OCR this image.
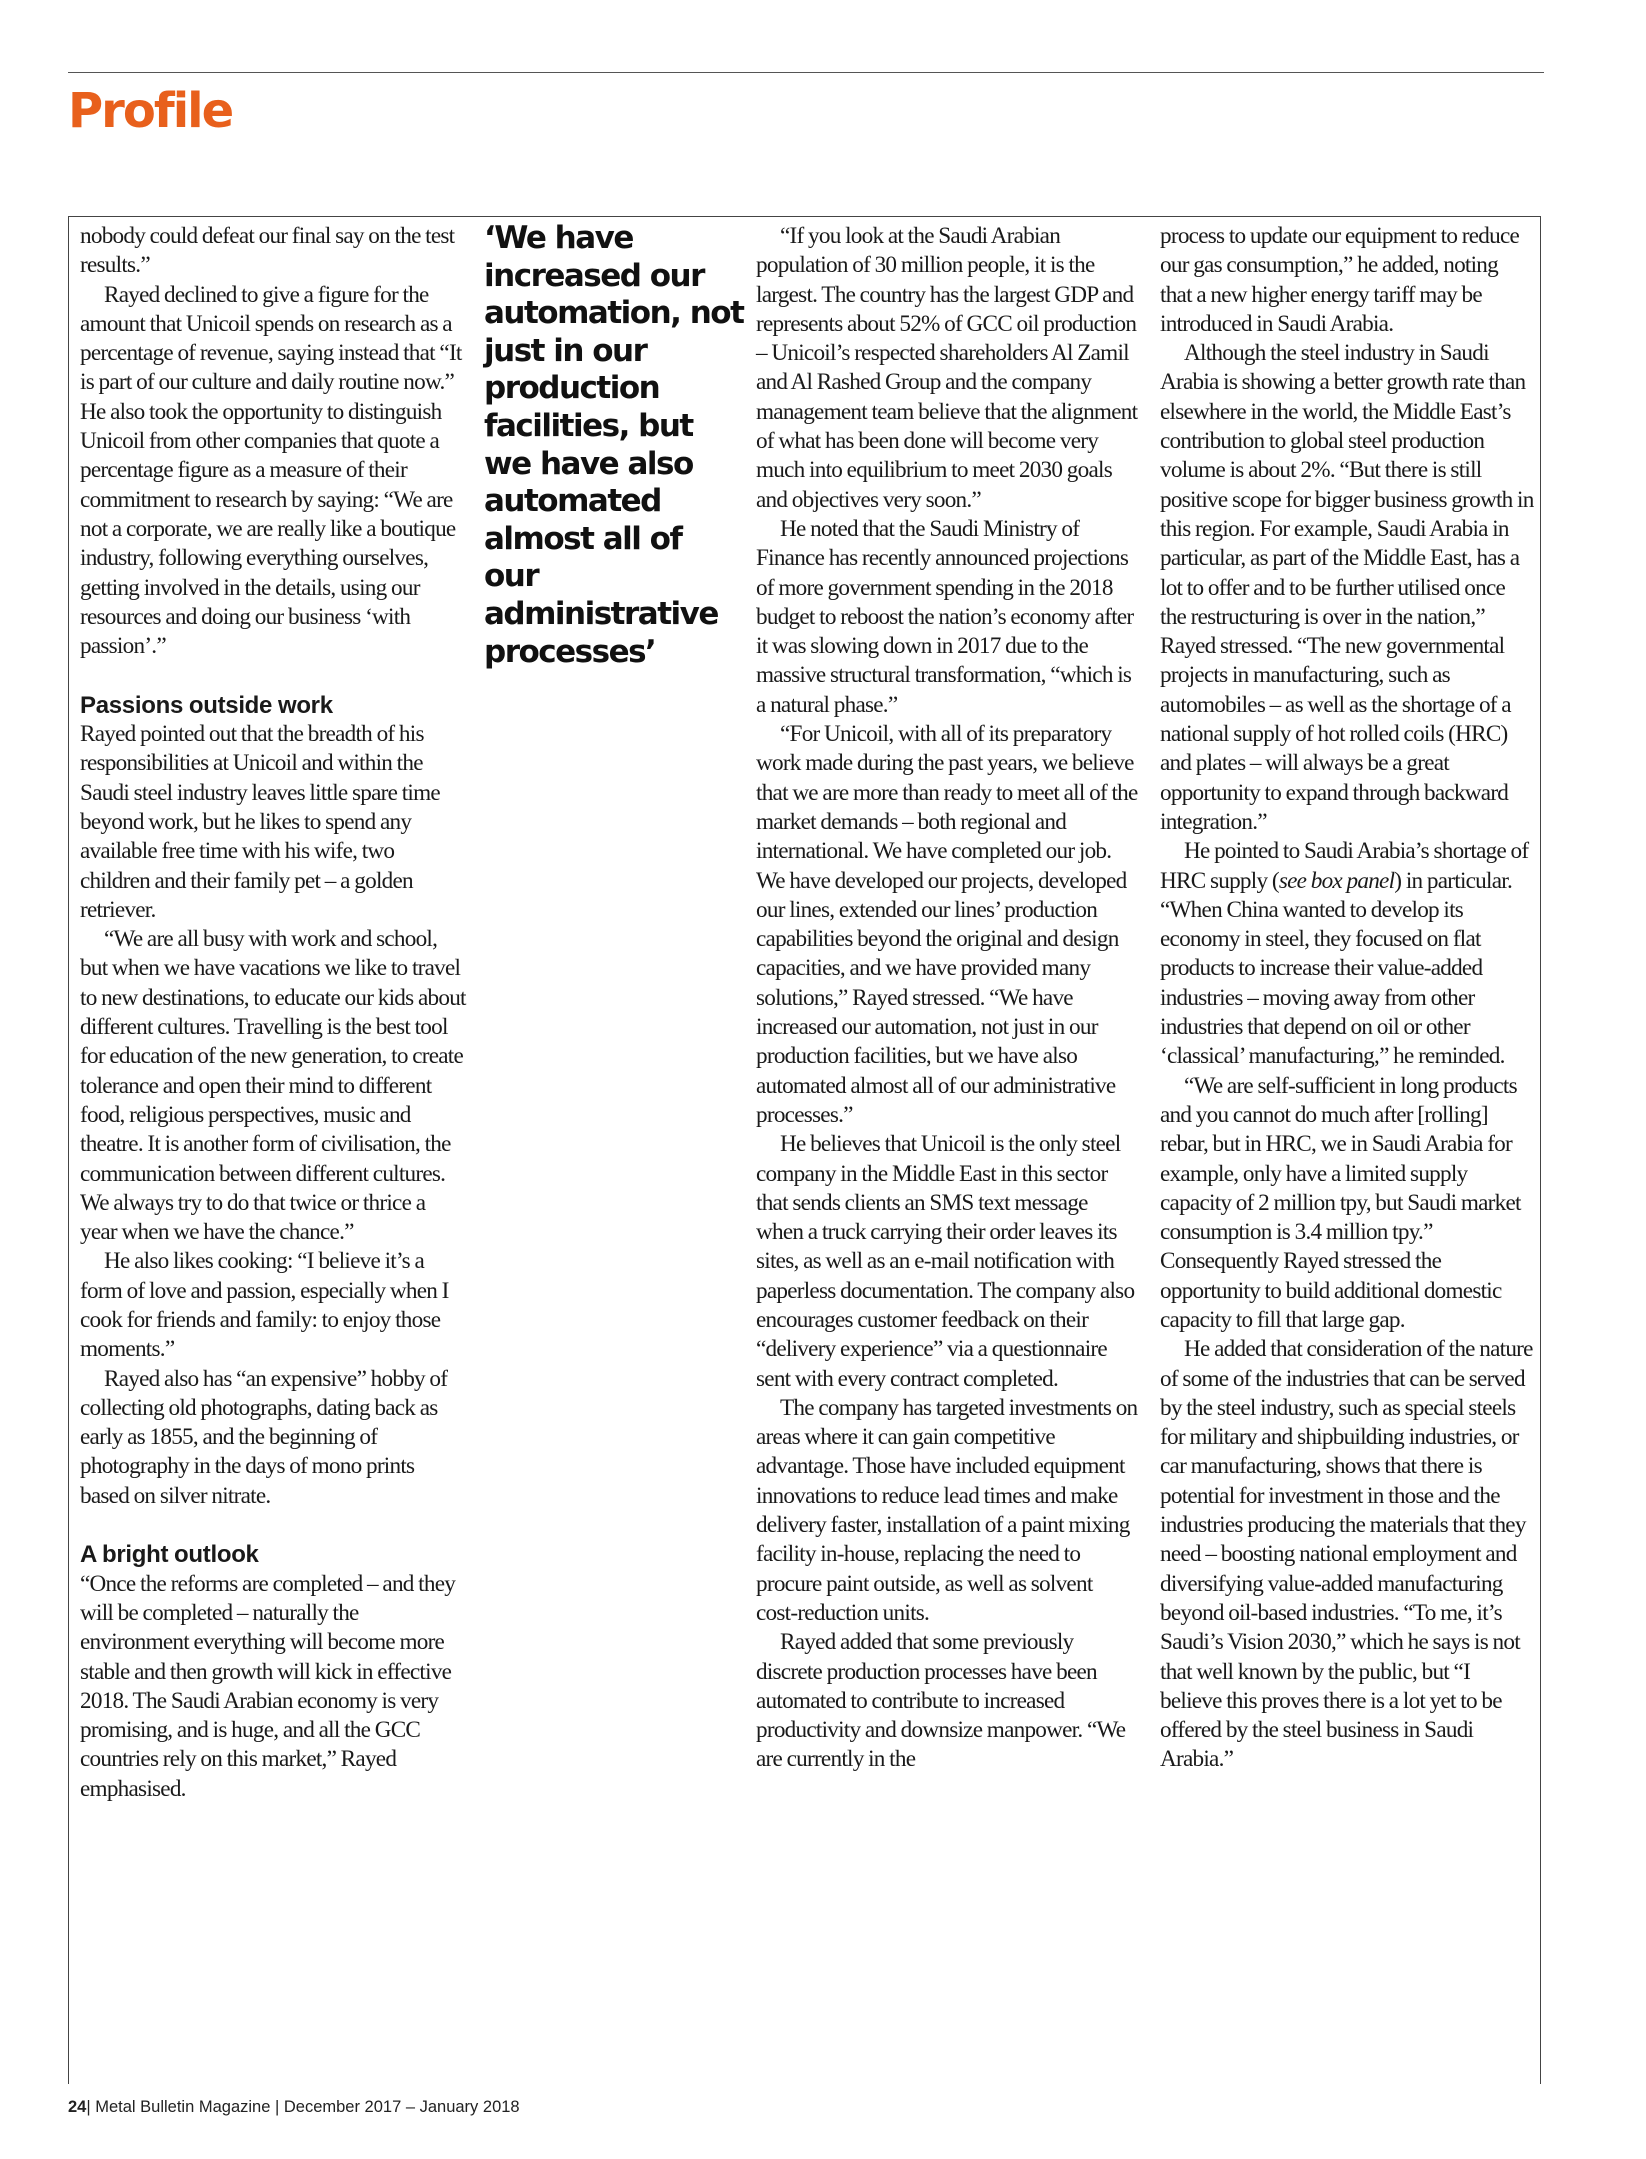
Profile

nobody could defeat our final say on the test results.”

Rayed declined to give a figure for the amount that Unicoil spends on research as a percentage of revenue, saying instead that “It is part of our culture and daily routine now.” He also took the opportunity to distinguish Unicoil from other companies that quote a percentage figure as a measure of their commitment to research by saying: “We are not a corporate, we are really like a boutique industry, following everything ourselves, getting involved in the details, using our resources and doing our business ‘with passion’.”

Passions outside work

Rayed pointed out that the breadth of his responsibilities at Unicoil and within the Saudi steel industry leaves little spare time beyond work, but he likes to spend any available free time with his wife, two children and their family pet – a golden retriever.

“We are all busy with work and school, but when we have vacations we like to travel to new destinations, to educate our kids about different cultures. Travelling is the best tool for education of the new generation, to create tolerance and open their mind to different food, religious perspectives, music and theatre. It is another form of civilisation, the communication between different cultures. We always try to do that twice or thrice a year when we have the chance.”

He also likes cooking: “I believe it’s a form of love and passion, especially when I cook for friends and family: to enjoy those moments.”

Rayed also has “an expensive” hobby of collecting old photographs, dating back as early as 1855, and the beginning of photography in the days of mono prints based on silver nitrate.

A bright outlook

“Once the reforms are completed – and they will be completed – naturally the environment everything will become more stable and then growth will kick in effective 2018. The Saudi Arabian economy is very promising, and is huge, and all the GCC countries rely on this market,” Rayed emphasised.

‘We have increased our automation, not just in our production facilities, but we have also automated almost all of our administrative processes’

“If you look at the Saudi Arabian population of 30 million people, it is the largest. The country has the largest GDP and represents about 52% of GCC oil production – Unicoil’s respected shareholders Al Zamil and Al Rashed Group and the company management team believe that the alignment of what has been done will become very much into equilibrium to meet 2030 goals and objectives very soon.”

He noted that the Saudi Ministry of Finance has recently announced projections of more government spending in the 2018 budget to reboost the nation’s economy after it was slowing down in 2017 due to the massive structural transformation, “which is a natural phase.”

“For Unicoil, with all of its preparatory work made during the past years, we believe that we are more than ready to meet all of the market demands – both regional and international. We have completed our job. We have developed our projects, developed our lines, extended our lines’ production capabilities beyond the original and design capacities, and we have provided many solutions,” Rayed stressed. “We have increased our automation, not just in our production facilities, but we have also automated almost all of our administrative processes.”

He believes that Unicoil is the only steel company in the Middle East in this sector that sends clients an SMS text message when a truck carrying their order leaves its sites, as well as an e-mail notification with paperless documentation. The company also encourages customer feedback on their “delivery experience” via a questionnaire sent with every contract completed.

The company has targeted investments on areas where it can gain competitive advantage. Those have included equipment innovations to reduce lead times and make delivery faster, installation of a paint mixing facility in-house, replacing the need to procure paint outside, as well as solvent cost-reduction units.

Rayed added that some previously discrete production processes have been automated to contribute to increased productivity and downsize manpower. “We are currently in the

process to update our equipment to reduce our gas consumption,” he added, noting that a new higher energy tariff may be introduced in Saudi Arabia.

Although the steel industry in Saudi Arabia is showing a better growth rate than elsewhere in the world, the Middle East’s contribution to global steel production volume is about 2%. “But there is still positive scope for bigger business growth in this region. For example, Saudi Arabia in particular, as part of the Middle East, has a lot to offer and to be further utilised once the restructuring is over in the nation,” Rayed stressed. “The new governmental projects in manufacturing, such as automobiles – as well as the shortage of a national supply of hot rolled coils (HRC) and plates – will always be a great opportunity to expand through backward integration.”

He pointed to Saudi Arabia’s shortage of HRC supply (see box panel) in particular. “When China wanted to develop its economy in steel, they focused on flat products to increase their value-added industries – moving away from other industries that depend on oil or other ‘classical’ manufacturing,” he reminded.

“We are self-sufficient in long products and you cannot do much after [rolling] rebar, but in HRC, we in Saudi Arabia for example, only have a limited supply capacity of 2 million tpy, but Saudi market consumption is 3.4 million tpy.” Consequently Rayed stressed the opportunity to build additional domestic capacity to fill that large gap.

He added that consideration of the nature of some of the industries that can be served by the steel industry, such as special steels for military and shipbuilding industries, or car manufacturing, shows that there is potential for investment in those and the industries producing the materials that they need – boosting national employment and diversifying value-added manufacturing beyond oil-based industries. “To me, it’s Saudi’s Vision 2030,” which he says is not that well known by the public, but “I believe this proves there is a lot yet to be offered by the steel business in Saudi Arabia.”

24| Metal Bulletin Magazine | December 2017 – January 2018
